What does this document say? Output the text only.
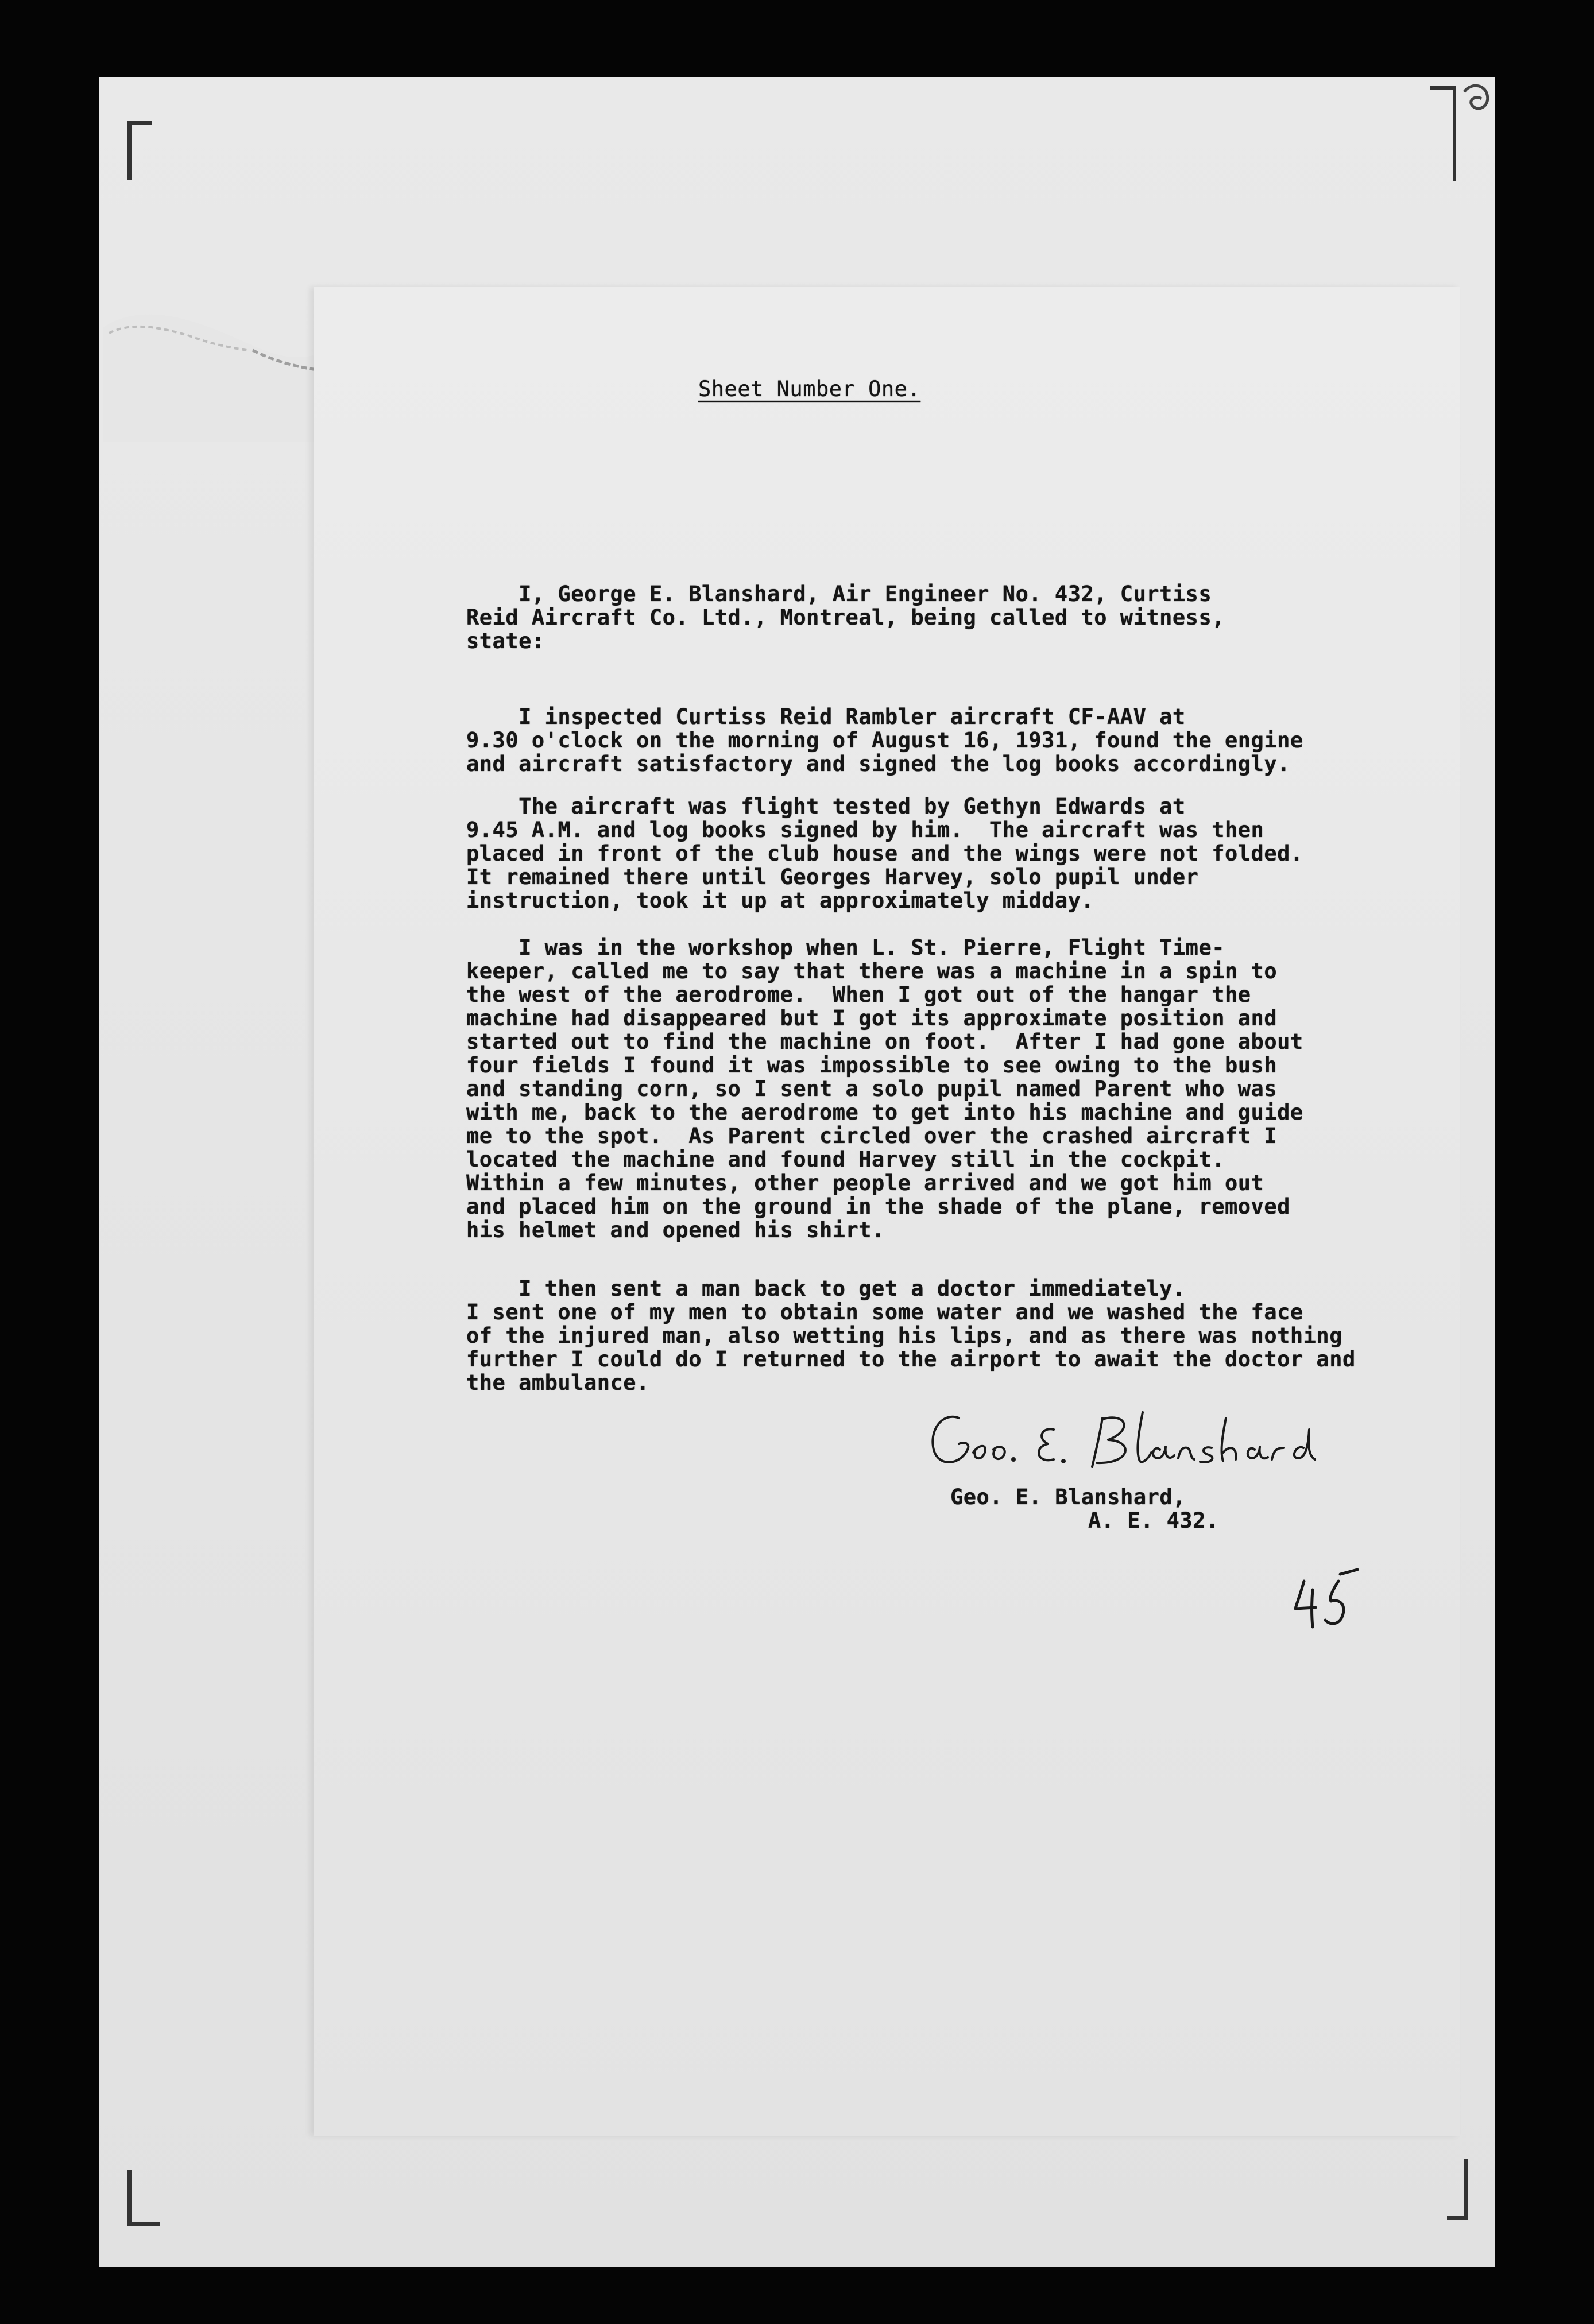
Sheet Number One.

I, George E. Blanshard, Air Engineer No. 432, Curtiss
Reid Aircraft Co. Ltd., Montreal, being called to witness,
state:

I inspected Curtiss Reid Rambler aircraft CF-AAV at
9.30 o'clock on the morning of August 16, 1931, found the engine
and aircraft satisfactory and signed the log books accordingly.

The aircraft was flight tested by Gethyn Edwards at
9.45 A.M. and log books signed by him.  The aircraft was then
placed in front of the club house and the wings were not folded.
It remained there until Georges Harvey, solo pupil under
instruction, took it up at approximately midday.

I was in the workshop when L. St. Pierre, Flight Time-
keeper, called me to say that there was a machine in a spin to
the west of the aerodrome.  When I got out of the hangar the
machine had disappeared but I got its approximate position and
started out to find the machine on foot.  After I had gone about
four fields I found it was impossible to see owing to the bush
and standing corn, so I sent a solo pupil named Parent who was
with me, back to the aerodrome to get into his machine and guide
me to the spot.  As Parent circled over the crashed aircraft I
located the machine and found Harvey still in the cockpit.
Within a few minutes, other people arrived and we got him out
and placed him on the ground in the shade of the plane, removed
his helmet and opened his shirt.

I then sent a man back to get a doctor immediately.
I sent one of my men to obtain some water and we washed the face
of the injured man, also wetting his lips, and as there was nothing
further I could do I returned to the airport to await the doctor and
the ambulance.

Geo. E. Blanshard,

A. E. 432.
